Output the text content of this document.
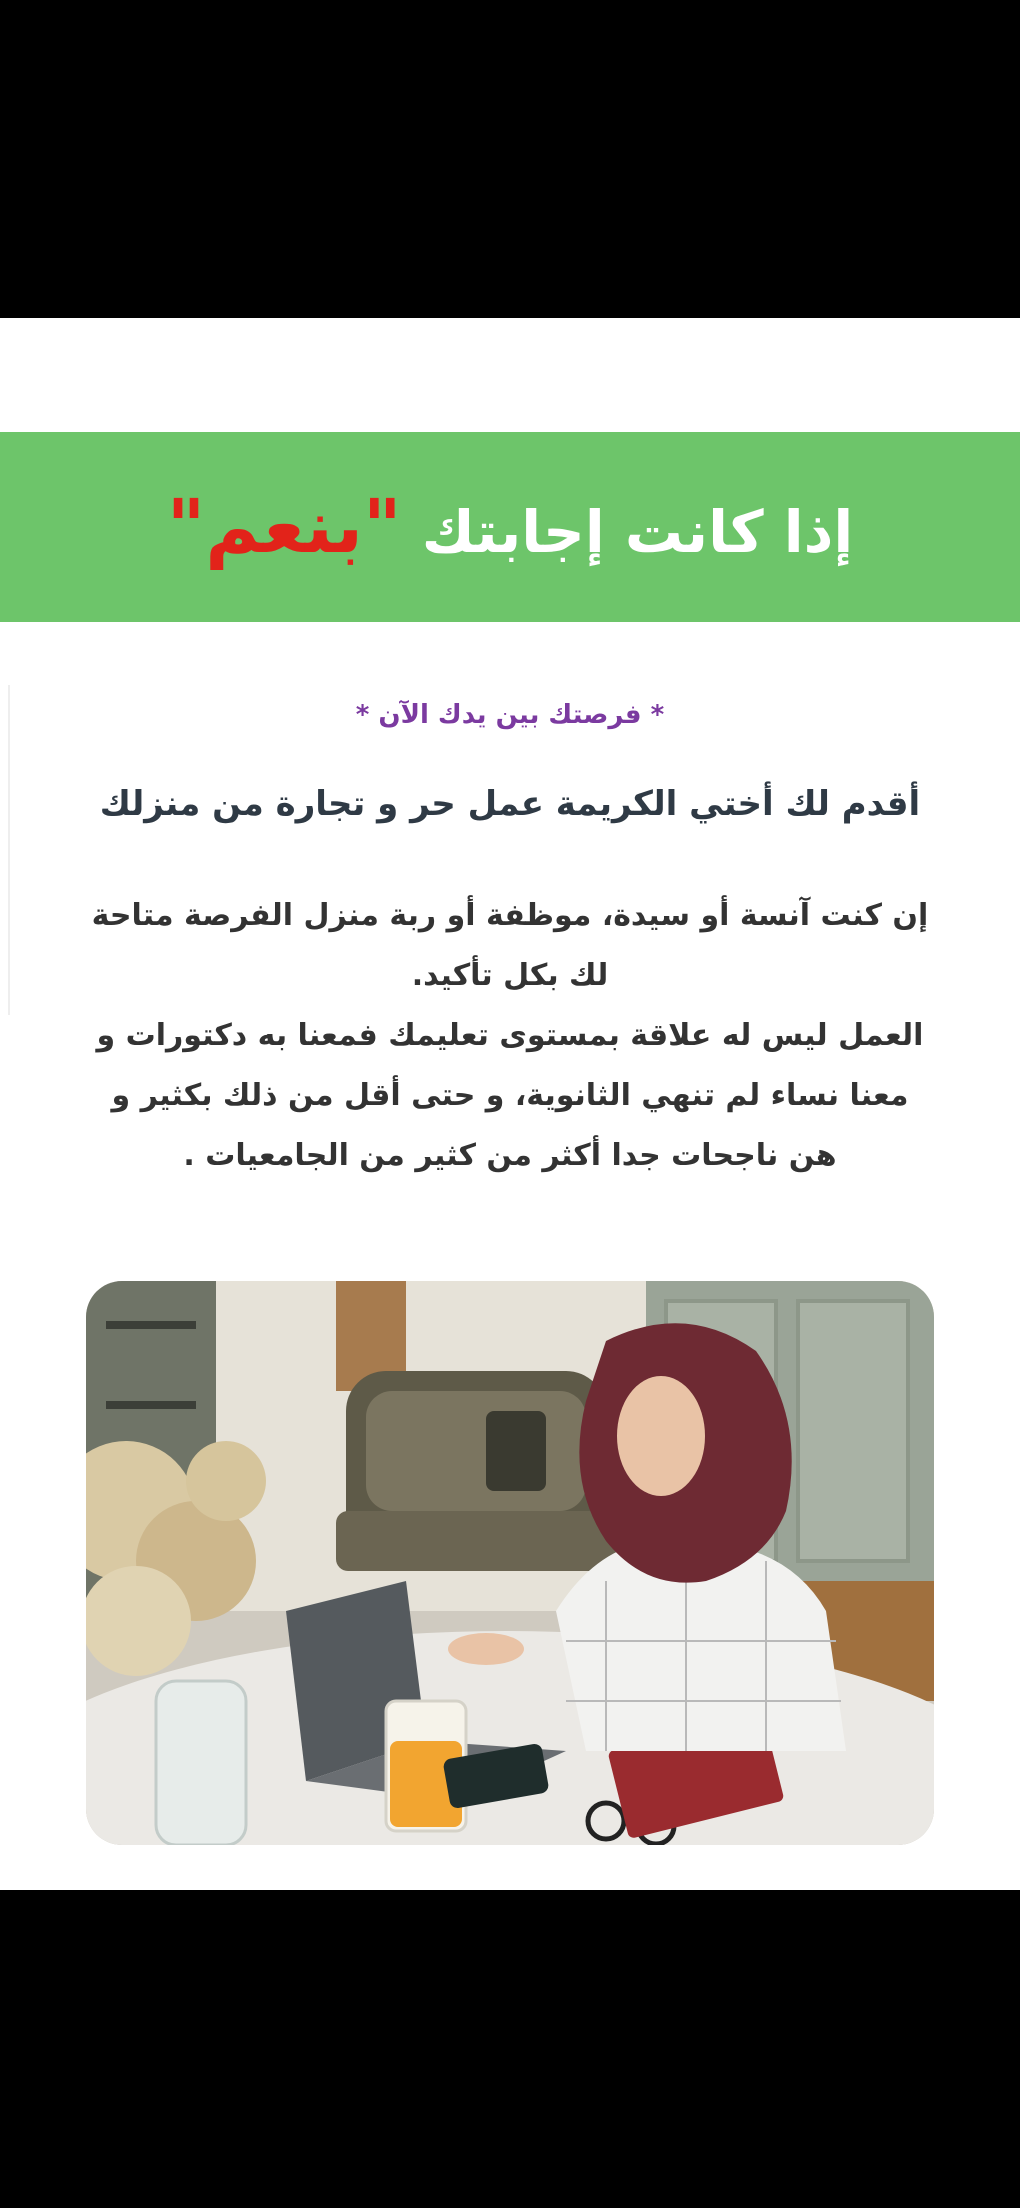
إذا كانت إجابتك "بنعم"
* فرصتك بين يدك الآن *
أقدم لك أختي الكريمة عمل حر و تجارة من منزلك

إن كنت آنسة أو سيدة، موظفة أو ربة منزل الفرصة متاحة لك بكل تأكيد.

العمل ليس له علاقة بمستوى تعليمك فمعنا به دكتورات و معنا نساء لم تنهي الثانوية، و حتى أقل من ذلك بكثير و هن ناجحات جدا أكثر من كثير من الجامعيات .
